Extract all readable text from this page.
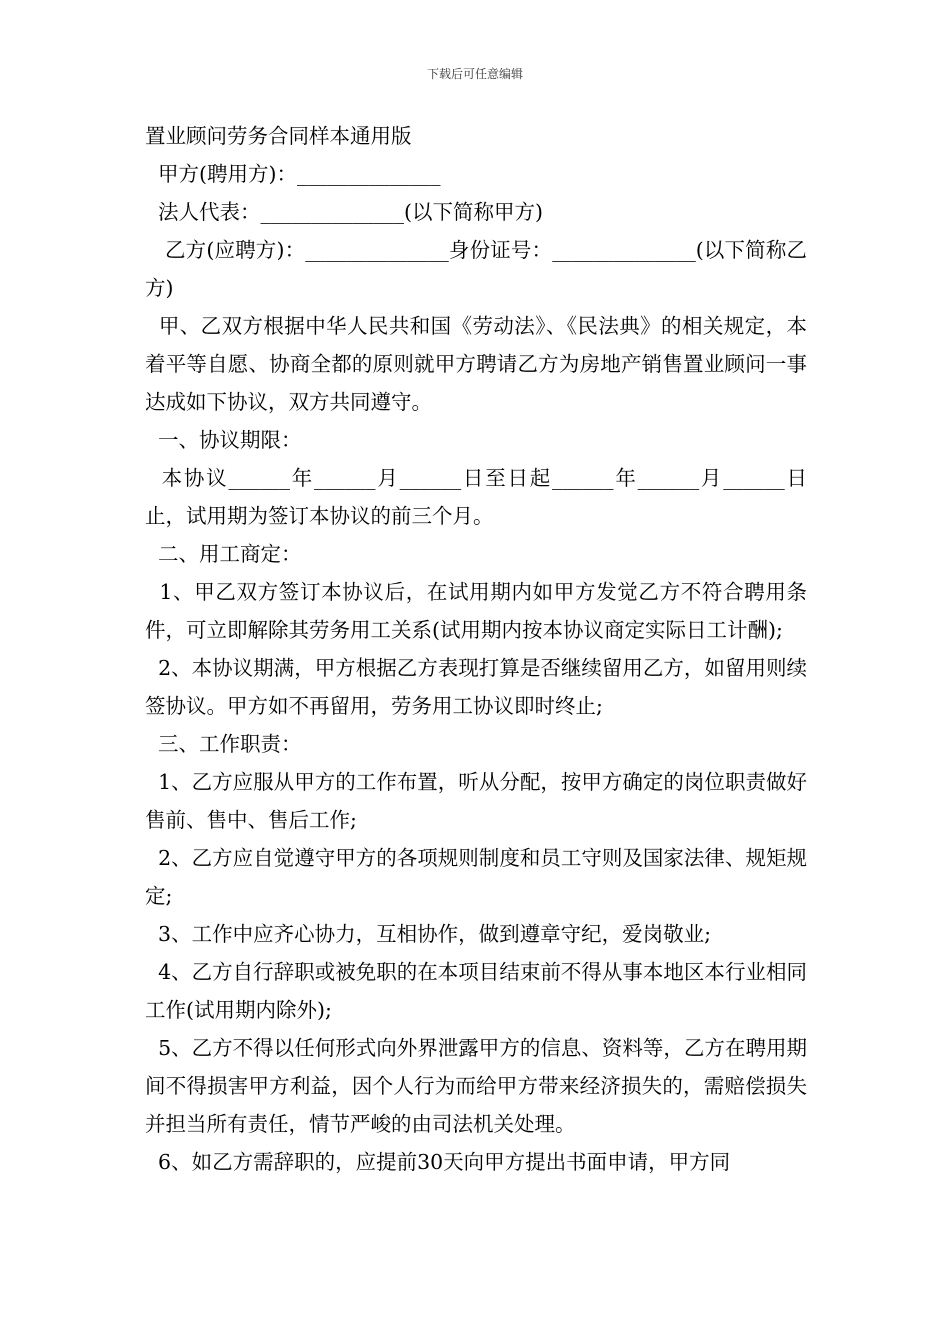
下载后可任意编辑

置业顾问劳务合同样本通用版

甲方(聘用方)：______________

法人代表：______________(以下简称甲方)

乙方(应聘方)：______________身份证号：______________(以下简称乙方)

甲、乙双方根据中华人民共和国《劳动法》、《民法典》的相关规定，本着平等自愿、协商全都的原则就甲方聘请乙方为房地产销售置业顾问一事达成如下协议，双方共同遵守。

一、协议期限：

本协议______年______月______日至日起______年______月______日止，试用期为签订本协议的前三个月。

二、用工商定：

1、甲乙双方签订本协议后，在试用期内如甲方发觉乙方不符合聘用条件，可立即解除其劳务用工关系(试用期内按本协议商定实际日工计酬);

2、本协议期满，甲方根据乙方表现打算是否继续留用乙方，如留用则续签协议。甲方如不再留用，劳务用工协议即时终止;

三、工作职责：

1、乙方应服从甲方的工作布置，听从分配，按甲方确定的岗位职责做好售前、售中、售后工作;

2、乙方应自觉遵守甲方的各项规则制度和员工守则及国家法律、规矩规定;

3、工作中应齐心协力，互相协作，做到遵章守纪，爱岗敬业;

4、乙方自行辞职或被免职的在本项目结束前不得从事本地区本行业相同工作(试用期内除外);

5、乙方不得以任何形式向外界泄露甲方的信息、资料等，乙方在聘用期间不得损害甲方利益，因个人行为而给甲方带来经济损失的，需赔偿损失并担当所有责任，情节严峻的由司法机关处理。

6、如乙方需辞职的，应提前30天向甲方提出书面申请，甲方同
